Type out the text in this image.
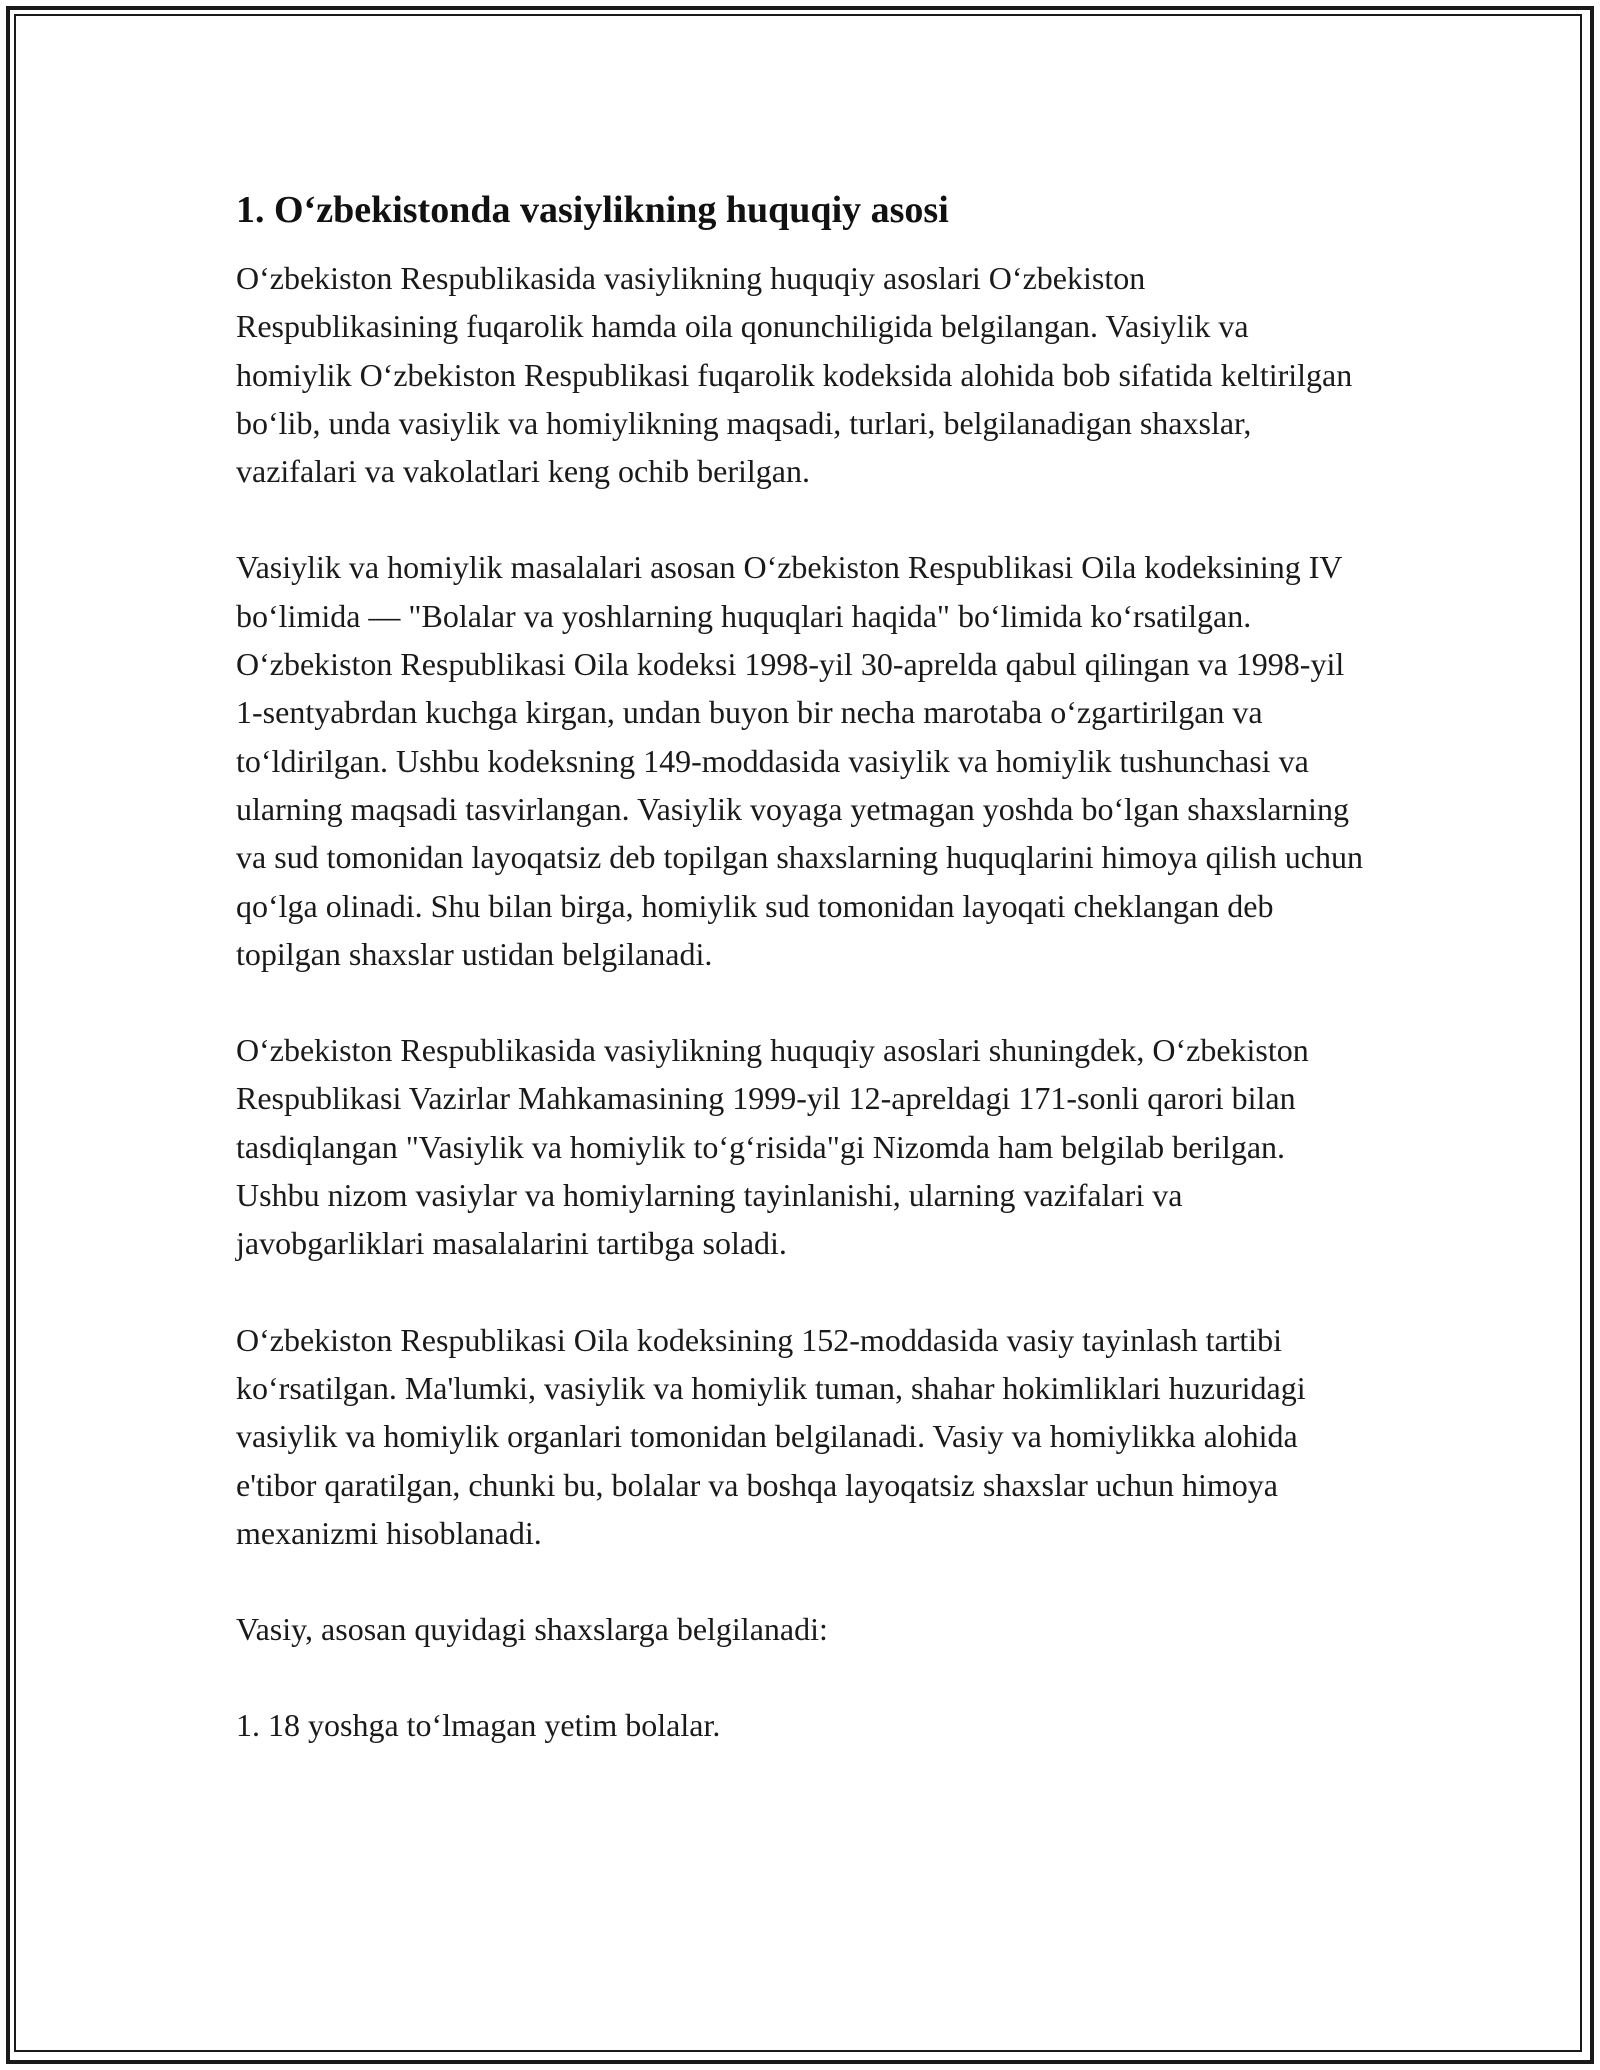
1. O‘zbekistonda vasiylikning huquqiy asosi

O‘zbekiston Respublikasida vasiylikning huquqiy asoslari O‘zbekiston Respublikasining fuqarolik hamda oila qonunchiligida belgilangan. Vasiylik va homiylik O‘zbekiston Respublikasi fuqarolik kodeksida alohida bob sifatida keltirilgan bo‘lib, unda vasiylik va homiylikning maqsadi, turlari, belgilanadigan shaxslar, vazifalari va vakolatlari keng ochib berilgan.

Vasiylik va homiylik masalalari asosan O‘zbekiston Respublikasi Oila kodeksining IV bo‘limida — "Bolalar va yoshlarning huquqlari haqida" bo‘limida ko‘rsatilgan. O‘zbekiston Respublikasi Oila kodeksi 1998-yil 30-aprelda qabul qilingan va 1998-yil 1-sentyabrdan kuchga kirgan, undan buyon bir necha marotaba o‘zgartirilgan va to‘ldirilgan. Ushbu kodeksning 149-moddasida vasiylik va homiylik tushunchasi va ularning maqsadi tasvirlangan. Vasiylik voyaga yetmagan yoshda bo‘lgan shaxslarning va sud tomonidan layoqatsiz deb topilgan shaxslarning huquqlarini himoya qilish uchun qo‘lga olinadi. Shu bilan birga, homiylik sud tomonidan layoqati cheklangan deb topilgan shaxslar ustidan belgilanadi.

O‘zbekiston Respublikasida vasiylikning huquqiy asoslari shuningdek, O‘zbekiston Respublikasi Vazirlar Mahkamasining 1999-yil 12-apreldagi 171-sonli qarori bilan tasdiqlangan "Vasiylik va homiylik to‘g‘risida"gi Nizomda ham belgilab berilgan. Ushbu nizom vasiylar va homiylarning tayinlanishi, ularning vazifalari va javobgarliklari masalalarini tartibga soladi.

O‘zbekiston Respublikasi Oila kodeksining 152-moddasida vasiy tayinlash tartibi ko‘rsatilgan. Ma'lumki, vasiylik va homiylik tuman, shahar hokimliklari huzuridagi vasiylik va homiylik organlari tomonidan belgilanadi. Vasiy va homiylikka alohida e'tibor qaratilgan, chunki bu, bolalar va boshqa layoqatsiz shaxslar uchun himoya mexanizmi hisoblanadi.

Vasiy, asosan quyidagi shaxslarga belgilanadi:

1. 18 yoshga to‘lmagan yetim bolalar.
